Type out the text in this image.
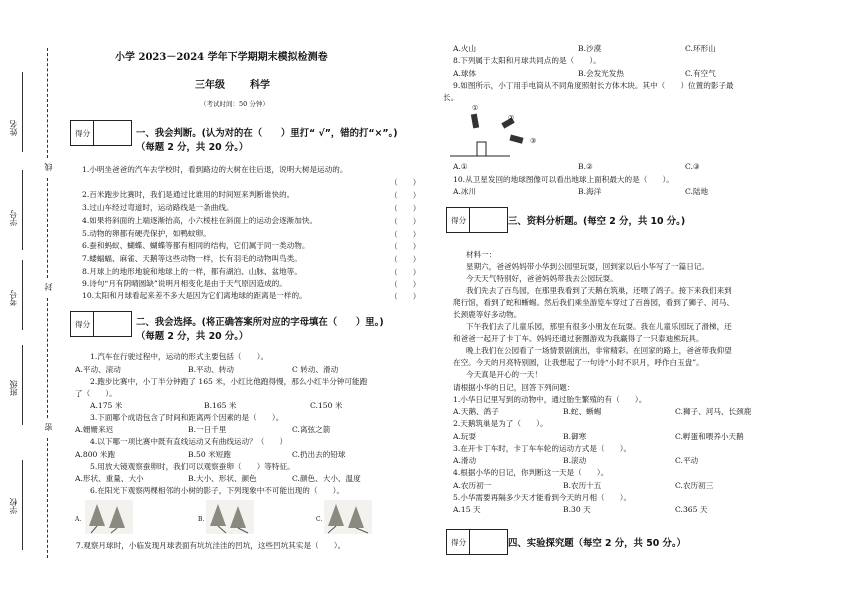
姓名
学号
考号
班级
学校
线
封
密
小学 2023－2024 学年下学期期末模拟检测卷
三年级	科学
（考试时间：50 分钟）
得分	一、我会判断。(认为对的在（　　）里打“ √”，错的打“×”。)
（每题 2 分，共 20 分。）
1.小明坐爸爸的汽车去学校时，看到路边的大树在往后退，说明大树是运动的。
（　　）
2.百米跑步比赛时，我们是通过比谁用的时间短来判断谁快的。	（　　）
3.过山车经过弯道时，运动路线是一条曲线。	（　　）
4.如果将斜面的上端逐渐抬高，小六棱柱在斜面上的运动会逐渐加快。	（　　）
5.动物的卵都有硬壳保护，如鸭蚊卵。	（　　）
6.蚕和蚂蚁、蝴蝶、蝴蝶等都有相同的结构，它们属于同一类动物。	（　　）
7.蝼蝠蝠、麻雀、天鹅等这些动物一样，长有羽毛的动物叫鸟类。	（　　）
8.月球上的地形地貌和地球上的一样，都有湖泊、山脉、盆地等。	（　　）
9.诗句“月有阴晴圆缺”说明月相变化是由于天气原因造成的。	（　　）
10.太阳和月球看起来差不多大是因为它们离地球的距离是一样的。	（　　）
得分	二、我会选择。(将正确答案所对应的字母填在（　　）里。)
（每题 2 分，共 20 分。）
1.汽车在行驶过程中，运动的形式主要包括（　　）。
A.平动、滚动	B.平动、转动	C 转动、滑动
2.跑步比赛中，小丁半分钟跑了 165 米，小红比他跑得慢，那么小红半分钟可能跑
了（　　）。
A.175 米	B.165 米	C.150 米
3.下面哪个成语包含了时间和距离两个因素的是（　　）。
A.姗姗来迟	B.一日千里	C.离弦之箭
4.以下哪一项比赛中既有直线运动又有曲线运动？（　　）
A.800 米跑	B.50 米短跑	C.扔出去的铅球
5.用放大镜观察蚕卵时，我们可以观察蚕卵（　　）等特征。
A.形状、重量、大小	B.大小、形状、颜色	C.颜色、大小、温度
6.在阳光下观察两棵相邻的小树的影子，下列现象中不可能出现的（　　）。
A.	B.	C.
7.观察月球时，小临发现月球表面有坑坑洼洼的凹坑，这些凹坑其实是（　　）。
A.火山	B.沙漠	C.环形山
8.下列属于太阳和月球共同点的是（　　）。
A.球体	B.会发光发热	C.有空气
9.如图所示，小丁用手电筒从不同角度照射长方体木块。其中（　　）位置的影子最
长。
①
②
③
A.①	B.②	C.③
10.从卫星发回的地球图像可以看出地球上面积最大的是（　　）。
A.冰川	B.海洋	C.陆地
得分	三、资料分析题。(每空 2 分，共 10 分。)
材料一：
星期六，爸爸妈妈带小华到公园里玩耍，回到家以后小华写了一篇日记。
今天天气特别好，爸爸妈妈带我去公园玩耍。
我们先去了百鸟园，在那里我看到了天鹅在筑巢，还喂了鸽子。接下来我们来到
爬行馆，看到了蛇和蜥蜴。然后我们乘坐游览车穿过了百兽园，看到了狮子、河马、
长颈鹿等好多动物。
下午我们去了儿童乐园，那里有很多小朋友在玩耍。我在儿童乐园玩了滑梯，还
和爸爸一起开了卡丁车。妈妈还通过套圈游戏为我赢得了一只泰迪熊玩具。
晚上我们在公园看了一场情景剧演出，非常精彩。在回家的路上，爸爸带我仰望
在空。今天的月亮特别圆，让我想起了一句诗“小时不识月，呼作白玉盘”。
今天真是开心的一天！
请根据小华的日记，回答下列问题：
1.小华日记里写到的动物中，通过胎生繁殖的有（　　）。
A.天鹅、鸽子	B.蛇、蜥蜴	C.狮子、河马、长颈鹿
2.天鹅筑巢是为了（　　）。
A.玩耍	B.御寒	C.孵蛋和喂养小天鹅
3.在开卡丁车时，卡丁车车轮的运动方式是（　　）。
A.滑动	B.滚动	C.平动
4.根据小华的日记，你判断这一天是（　　）。
A.农历初一	B.农历十五	C.农历初三
5.小华需要再隔多少天才能看到今天的月相（　　）。
A.15 天	B.30 天	C.365 天
得分	四、实验探究题（每空 2 分，共 50 分。）
